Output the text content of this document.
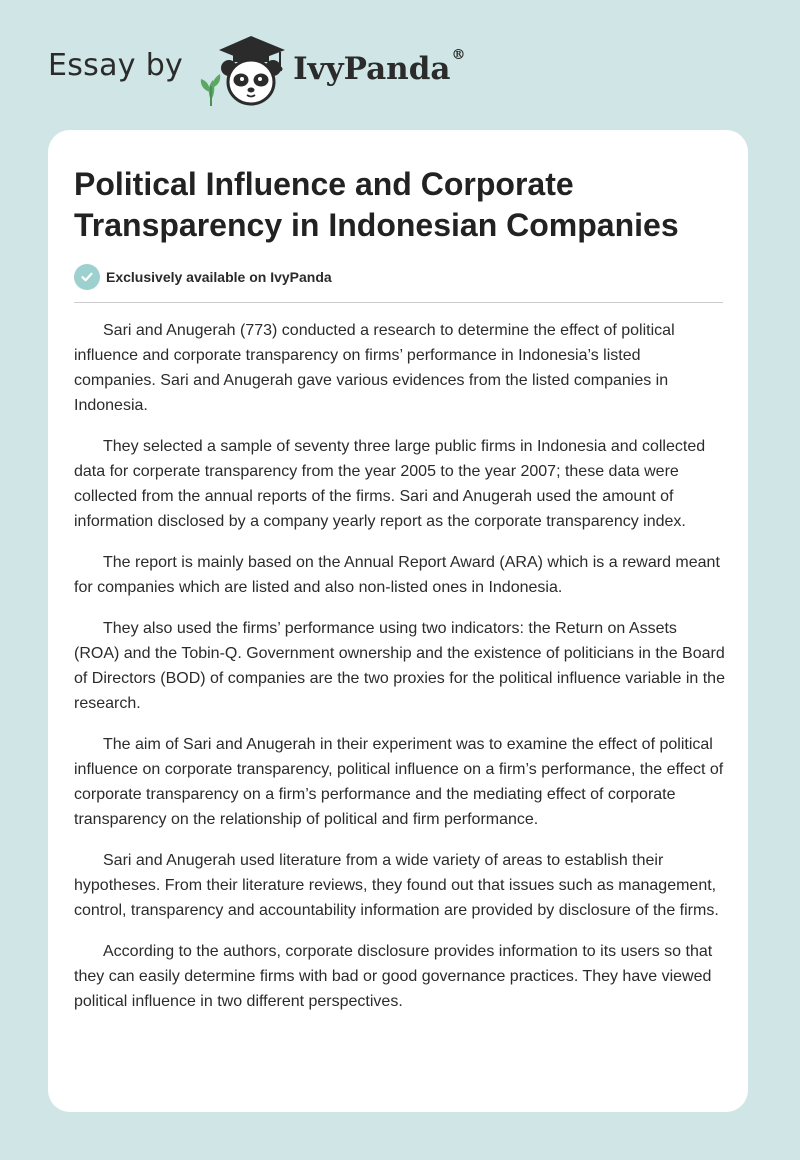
Essay by	IvyPanda®
Political Influence and Corporate Transparency in Indonesian Companies
Exclusively available on IvyPanda

Sari and Anugerah (773) conducted a research to determine the effect of political influence and corporate transparency on firms’ performance in Indonesia’s listed companies. Sari and Anugerah gave various evidences from the listed companies in Indonesia.

They selected a sample of seventy three large public firms in Indonesia and collected data for corperate transparency from the year 2005 to the year 2007; these data were collected from the annual reports of the firms. Sari and Anugerah used the amount of information disclosed by a company yearly report as the corporate transparency index.

The report is mainly based on the Annual Report Award (ARA) which is a reward meant for companies which are listed and also non-listed ones in Indonesia.

They also used the firms’ performance using two indicators: the Return on Assets (ROA) and the Tobin-Q. Government ownership and the existence of politicians in the Board of Directors (BOD) of companies are the two proxies for the political influence variable in the research.

The aim of Sari and Anugerah in their experiment was to examine the effect of political influence on corporate transparency, political influence on a firm’s performance, the effect of corporate transparency on a firm’s performance and the mediating effect of corporate transparency on the relationship of political and firm performance.

Sari and Anugerah used literature from a wide variety of areas to establish their hypotheses. From their literature reviews, they found out that issues such as management, control, transparency and accountability information are provided by disclosure of the firms.

According to the authors, corporate disclosure provides information to its users so that they can easily determine firms with bad or good governance practices. They have viewed political influence in two different perspectives.
